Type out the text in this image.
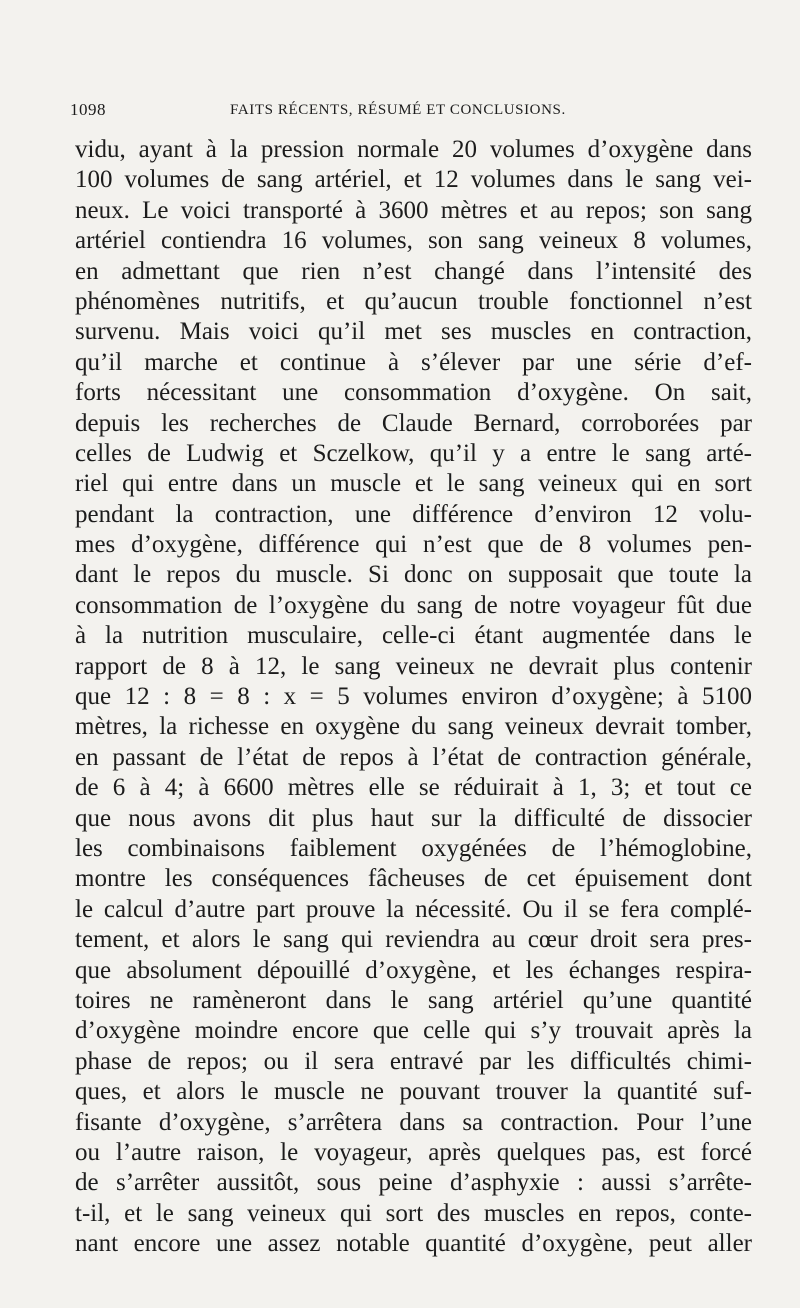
1098	FAITS RÉCENTS, RÉSUMÉ ET CONCLUSIONS.
vidu, ayant à la pression normale 20 volumes d’oxygène dans
100 volumes de sang artériel, et 12 volumes dans le sang vei-
neux. Le voici transporté à 3600 mètres et au repos; son sang
artériel contiendra 16 volumes, son sang veineux 8 volumes,
en admettant que rien n’est changé dans l’intensité des
phénomènes nutritifs, et qu’aucun trouble fonctionnel n’est
survenu. Mais voici qu’il met ses muscles en contraction,
qu’il marche et continue à s’élever par une série d’ef-
forts nécessitant une consommation d’oxygène. On sait,
depuis les recherches de Claude Bernard, corroborées par
celles de Ludwig et Sczelkow, qu’il y a entre le sang arté-
riel qui entre dans un muscle et le sang veineux qui en sort
pendant la contraction, une différence d’environ 12 volu-
mes d’oxygène, différence qui n’est que de 8 volumes pen-
dant le repos du muscle. Si donc on supposait que toute la
consommation de l’oxygène du sang de notre voyageur fût due
à la nutrition musculaire, celle-ci étant augmentée dans le
rapport de 8 à 12, le sang veineux ne devrait plus contenir
que 12 : 8 = 8 : x = 5 volumes environ d’oxygène; à 5100
mètres, la richesse en oxygène du sang veineux devrait tomber,
en passant de l’état de repos à l’état de contraction générale,
de 6 à 4; à 6600 mètres elle se réduirait à 1, 3; et tout ce
que nous avons dit plus haut sur la difficulté de dissocier
les combinaisons faiblement oxygénées de l’hémoglobine,
montre les conséquences fâcheuses de cet épuisement dont
le calcul d’autre part prouve la nécessité. Ou il se fera complé-
tement, et alors le sang qui reviendra au cœur droit sera pres-
que absolument dépouillé d’oxygène, et les échanges respira-
toires ne ramèneront dans le sang artériel qu’une quantité
d’oxygène moindre encore que celle qui s’y trouvait après la
phase de repos; ou il sera entravé par les difficultés chimi-
ques, et alors le muscle ne pouvant trouver la quantité suf-
fisante d’oxygène, s’arrêtera dans sa contraction. Pour l’une
ou l’autre raison, le voyageur, après quelques pas, est forcé
de s’arrêter aussitôt, sous peine d’asphyxie : aussi s’arrête-
t-il, et le sang veineux qui sort des muscles en repos, conte-
nant encore une assez notable quantité d’oxygène, peut aller
